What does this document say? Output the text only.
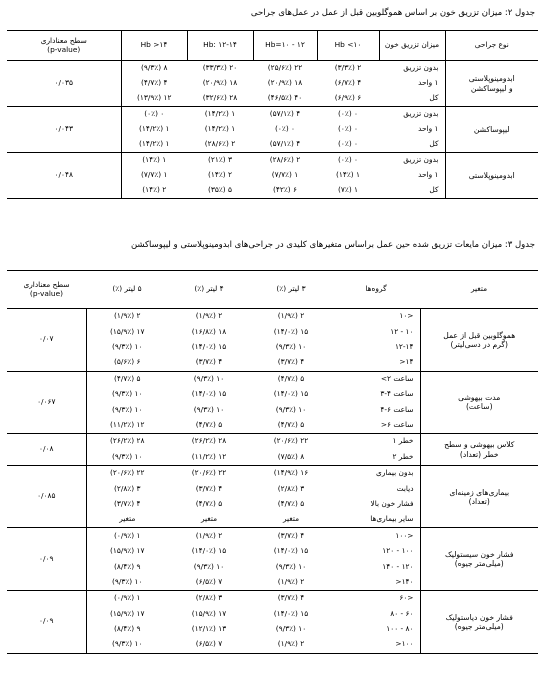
جدول ۲: میزان تزریق خون بر اساس هموگلوبین قبل از عمل در عمل‌های جراحی
نوع جراحی	میزان تزریق خون	Hb <۱۰	Hb=۱۰ - ۱۲	Hb: ۱۲-۱۴	Hb >۱۴	سطح معناداری
(p-value)
ابدومینوپلاستی
و لیپوساکشن	بدون تزریق	۲ (۳/۳٪)	۲۲ (۲۵/۶٪)	۲۰ (۳۳/۳٪)	۸ (۹/۳٪)	۰/۰۳۵
	۱ واحد	۴ (۶/۷٪)	۱۸ (۲۰/۹٪)	۱۸ (۲۰/۹٪)	۴ (۴/۷٪)	
	کل	۶ (۶/۹٪)	۴۰ (۴۶/۵٪)	۲۸ (۳۲/۶٪)	۱۲ (۱۳/۹٪)	
لیپوساکشن	بدون تزریق	۰ (۰٪)	۴ (۵۷/۱٪)	۱ (۱۴/۲٪)	۰ (۰٪)	۰/۰۴۳
	۱ واحد	۰ (۰٪)	۰ (۰٪)	۱ (۱۴/۲٪)	۱ (۱۴/۲٪)	
	کل	۰ (۰٪)	۴ (۵۷/۱٪)	۲ (۲۸/۶٪)	۱ (۱۴/۲٪)	
ابدومینوپلاستی	بدون تزریق	۰ (۰٪)	۲ (۲۸/۶٪)	۳ (۲۱٪)	۱ (۱۴٪)	۰/۰۴۸
	۱ واحد	۱ (۱۴٪)	۱ (۷/۷٪)	۲ (۱۴٪)	۱ (۷/۷٪)	
	کل	۱ (۷٪)	۶ (۴۲٪)	۵ (۳۵٪)	۲ (۱۴٪)	
جدول ۳: میزان مایعات تزریق شده حین عمل براساس متغیرهای کلیدی در جراحی‌های ابدومینوپلاستی و لیپوساکشن
متغیر	گروه‌ها	۳ لیتر (٪)	۴ لیتر (٪)	۵ لیتر (٪)	سطح معناداری
(p-value)
هموگلوبین قبل از عمل
(گرم در دسی‌لیتر)	<۱۰	۲ (۱/۹٪)	۲ (۱/۹٪)	۲ (۱/۹٪)	۰/۰۷
	۱۰ - ۱۲	۱۵ (۱۴/۰٪)	۱۸ (۱۶/۸٪)	۱۷ (۱۵/۹٪)	
	۱۲-۱۴	۱۰ (۹/۳٪)	۱۵ (۱۴/۰٪)	۱۰ (۹/۳٪)	
	۱۴<	۴ (۳/۷٪)	۴ (۳/۷٪)	۶ (۵/۶٪)	
مدت بیهوشی
(ساعت)	ساعت ۲>	۵ (۴/۷٪)	۱۰ (۹/۳٪)	۵ (۴/۷٪)	۰/۰۶۷
	ساعت ۴-۳	۱۵ (۱۴/۰٪)	۱۵ (۱۴/۰٪)	۱۰ (۹/۳٪)	
	ساعت ۶-۴	۱۰ (۹/۳٪)	۱۰ (۹/۳٪)	۱۰ (۹/۳٪)	
	ساعت ۶<	۵ (۴/۷٪)	۵ (۴/۷٪)	۱۲ (۱۱/۲٪)	
کلاس بیهوشی و سطح
خطر (تعداد)	خطر ۱	۲۲ (۲۰/۶٪)	۲۸ (۲۶/۲٪)	۲۸ (۲۶/۲٪)	۰/۰۸
	خطر ۲	۸ (۷/۵٪)	۱۲ (۱۱/۲٪)	۱۰ (۹/۳٪)	
بیماری‌های زمینه‌ای
(تعداد)	بدون بیماری	۱۶ (۱۴/۹٪)	۲۲ (۲۰/۶٪)	۲۲ (۲۰/۶٪)	۰/۰۸۵
	دیابت	۳ (۲/۸٪)	۴ (۳/۷٪)	۳ (۲/۸٪)	
	فشار خون بالا	۵ (۴/۷٪)	۵ (۴/۷٪)	۴ (۳/۷٪)	
	سایر بیماری‌ها	متغیر	متغیر	متغیر	
فشار خون سیستولیک
(میلی‌متر جیوه)	<۱۰۰	۴ (۳/۷٪)	۲ (۱/۹٪)	۱ (۰/۹٪)	۰/۰۹
	۱۰۰ - ۱۲۰	۱۵ (۱۴/۰٪)	۱۵ (۱۴/۰٪)	۱۷ (۱۵/۹٪)	
	۱۲۰ - ۱۴۰	۱۰ (۹/۳٪)	۱۰ (۹/۳٪)	۹ (۸/۴٪)	
	۱۴۰<	۲ (۱/۹٪)	۷ (۶/۵٪)	۱۰ (۹/۳٪)	
فشار خون دیاستولیک
(میلی‌متر جیوه)	<۶۰	۴ (۳/۷٪)	۳ (۲/۸٪)	۱ (۰/۹٪)	۰/۰۹
	۶۰ - ۸۰	۱۵ (۱۴/۰٪)	۱۷ (۱۵/۹٪)	۱۷ (۱۵/۹٪)	
	۸۰ - ۱۰۰	۱۰ (۹/۳٪)	۱۳ (۱۲/۱٪)	۹ (۸/۴٪)	
	۱۰۰<	۲ (۱/۹٪)	۷ (۶/۵٪)	۱۰ (۹/۳٪)	
